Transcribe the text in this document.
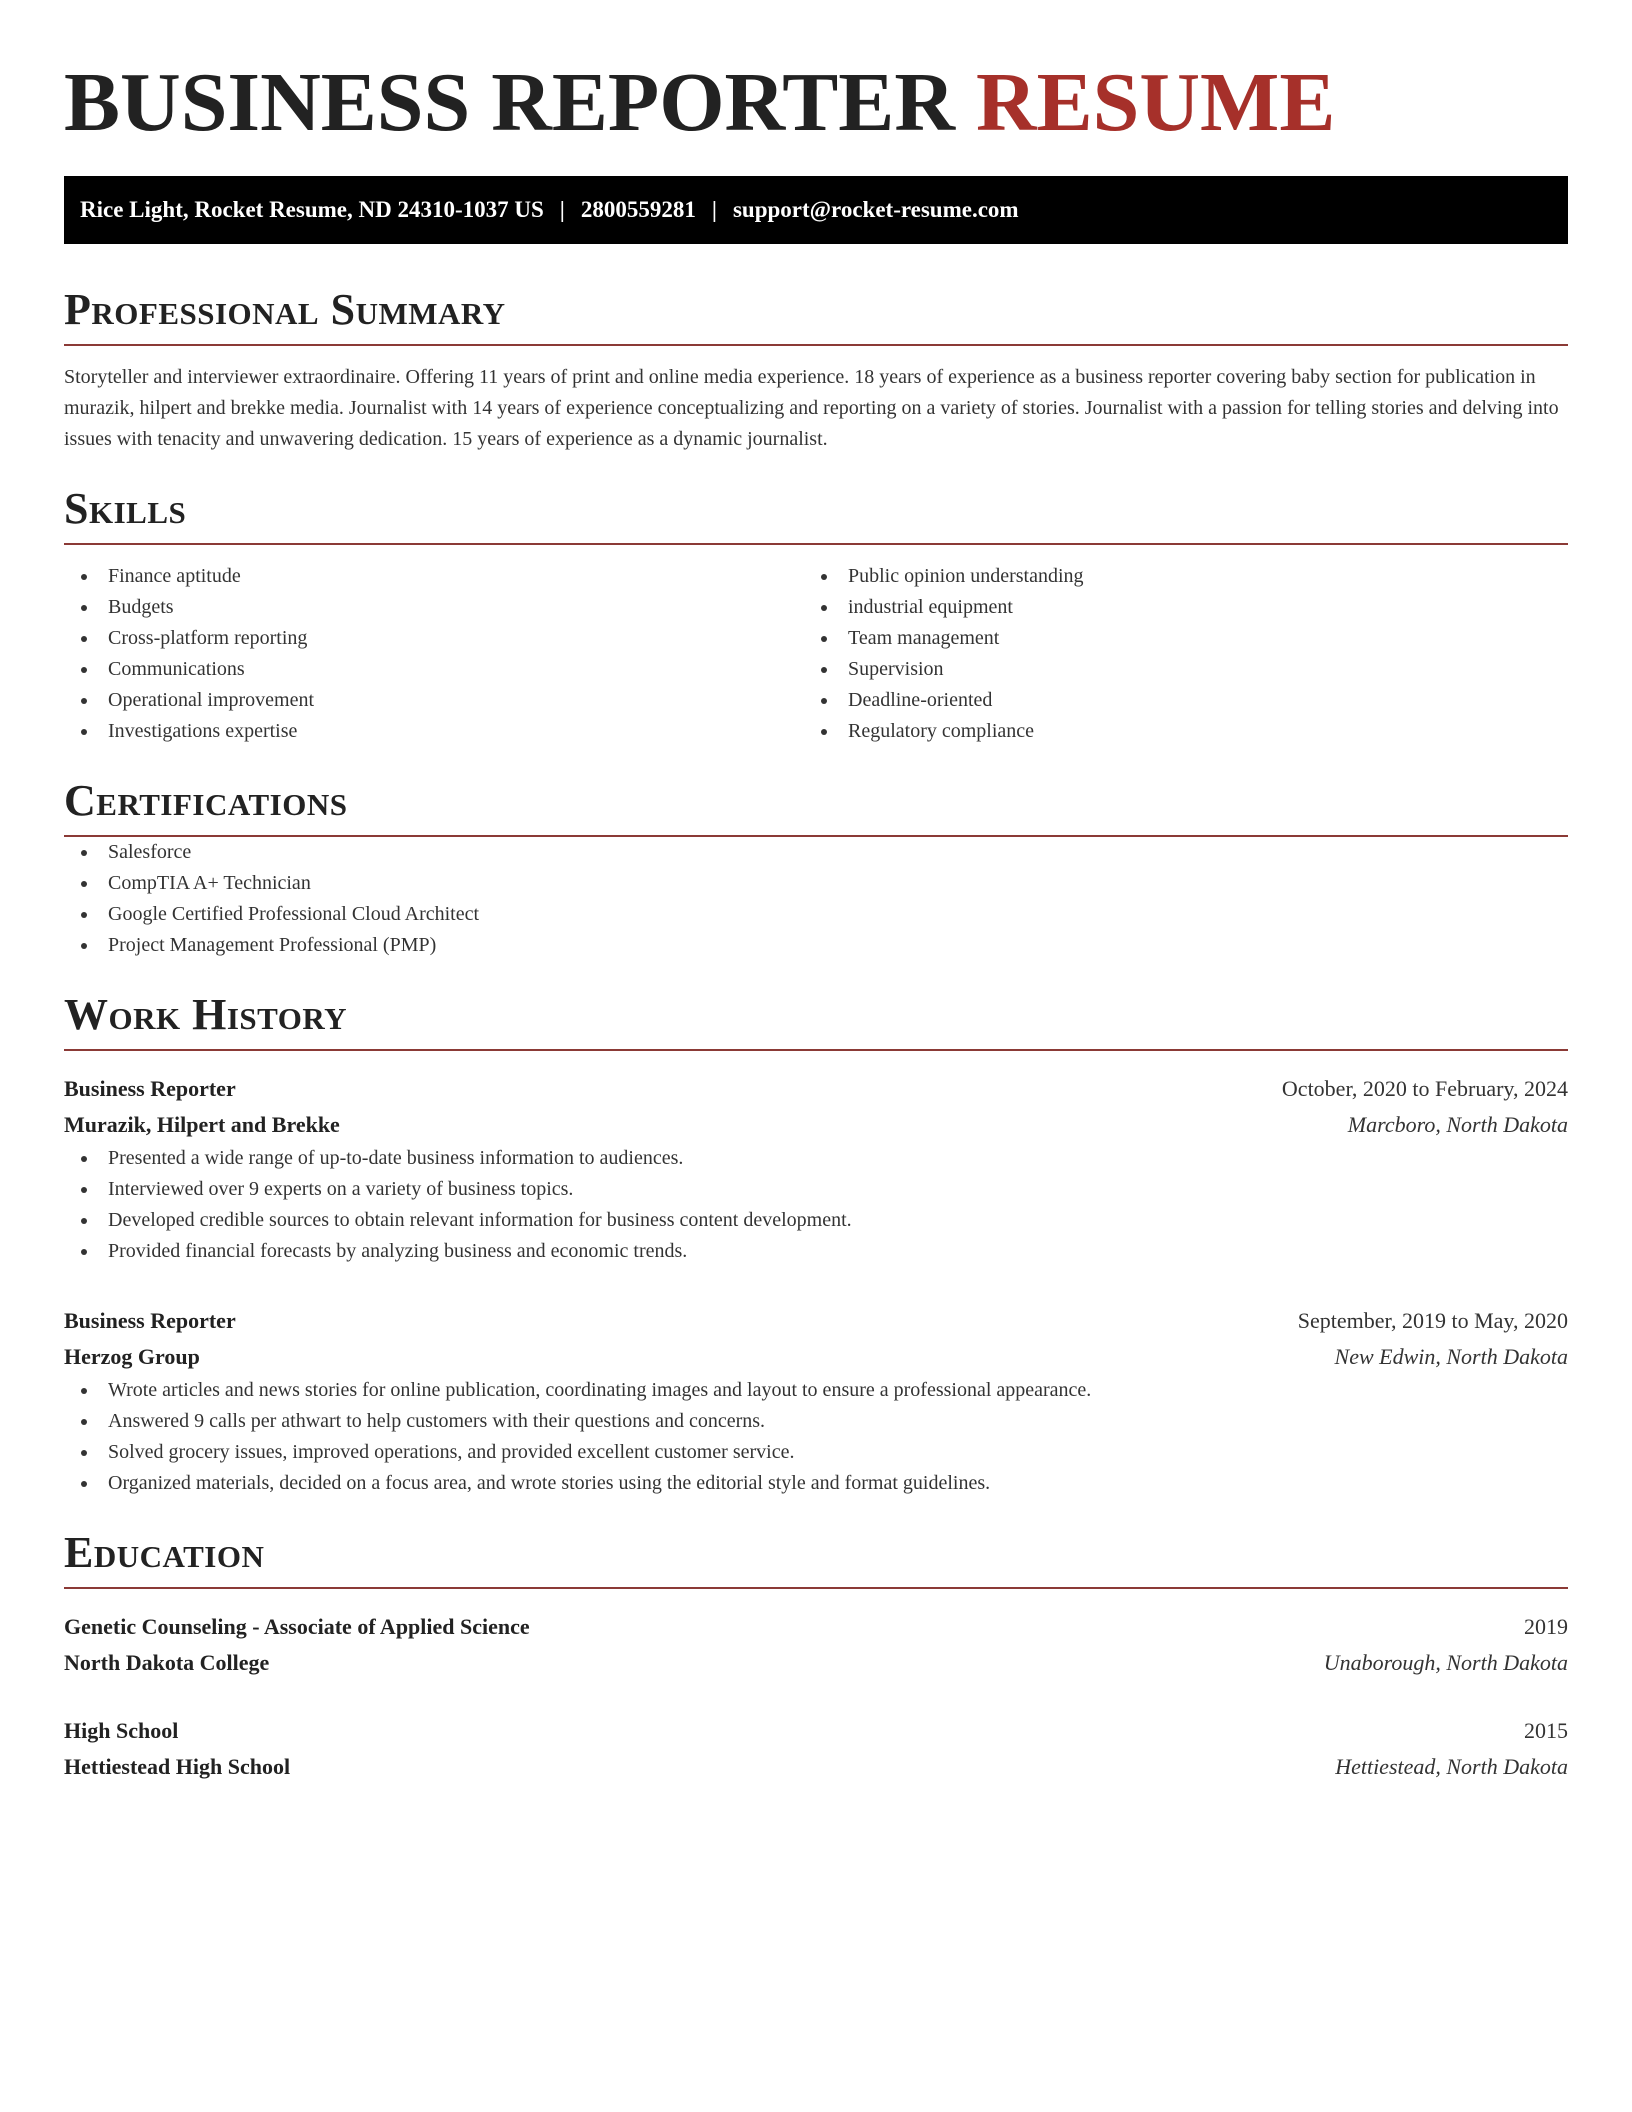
BUSINESS REPORTER RESUME
Rice Light, Rocket Resume, ND 24310-1037 US | 2800559281 | support@rocket-resume.com
Professional Summary

Storyteller and interviewer extraordinaire. Offering 11 years of print and online media experience. 18 years of experience as a business reporter covering baby section for publication in murazik, hilpert and brekke media. Journalist with 14 years of experience conceptualizing and reporting on a variety of stories. Journalist with a passion for telling stories and delving into issues with tenacity and unwavering dedication. 15 years of experience as a dynamic journalist.

Skills
Finance aptitude
Budgets
Cross-platform reporting
Communications
Operational improvement
Investigations expertise
Public opinion understanding
industrial equipment
Team management
Supervision
Deadline-oriented
Regulatory compliance
Certifications
Salesforce
CompTIA A+ Technician
Google Certified Professional Cloud Architect
Project Management Professional (PMP)
Work History
Business Reporter	October, 2020 to February, 2024
Murazik, Hilpert and Brekke	Marcboro, North Dakota
Presented a wide range of up-to-date business information to audiences.
Interviewed over 9 experts on a variety of business topics.
Developed credible sources to obtain relevant information for business content development.
Provided financial forecasts by analyzing business and economic trends.
Business Reporter	September, 2019 to May, 2020
Herzog Group	New Edwin, North Dakota
Wrote articles and news stories for online publication, coordinating images and layout to ensure a professional appearance.
Answered 9 calls per athwart to help customers with their questions and concerns.
Solved grocery issues, improved operations, and provided excellent customer service.
Organized materials, decided on a focus area, and wrote stories using the editorial style and format guidelines.
Education
Genetic Counseling - Associate of Applied Science	2019
North Dakota College	Unaborough, North Dakota
High School	2015
Hettiestead High School	Hettiestead, North Dakota
